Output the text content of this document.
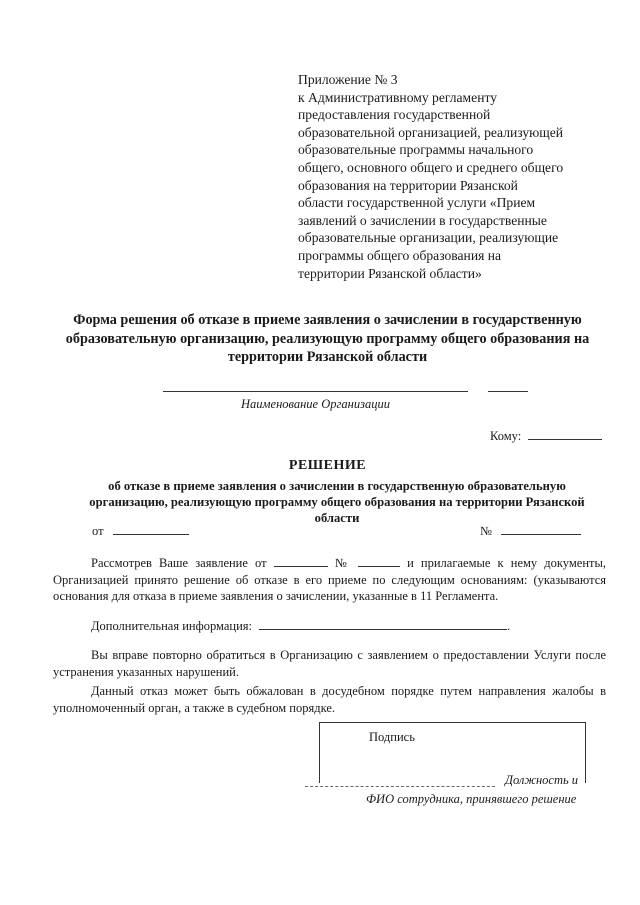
Приложение № 3
к Административному регламенту
предоставления государственной
образовательной организацией, реализующей
образовательные программы начального
общего, основного общего и среднего общего
образования на территории Рязанской
области государственной услуги «Прием
заявлений о зачислении в государственные
образовательные организации, реализующие
программы общего образования на
территории Рязанской области»
Форма решения об отказе в приеме заявления о зачислении в государственную образовательную организацию, реализующую программу общего образования на территории Рязанской области
Наименование Организации
Кому:
РЕШЕНИЕ
об отказе в приеме заявления о зачислении в государственную образовательную организацию, реализующую программу общего образования на территории Рязанской области
от	№
Рассмотрев Ваше заявление от	№	и прилагаемые к нему документы, Организацией принято решение об отказе в его приеме по следующим основаниям: (указываются основания для отказа в приеме заявления о зачислении, указанные в 11 Регламента.
Дополнительная информация:	.
Вы вправе повторно обратиться в Организацию с заявлением о предоставлении Услуги после устранения указанных нарушений.
Данный отказ может быть обжалован в досудебном порядке путем направления жалобы в уполномоченный орган, а также в судебном порядке.
Подпись
Должность и
ФИО сотрудника, принявшего решение
